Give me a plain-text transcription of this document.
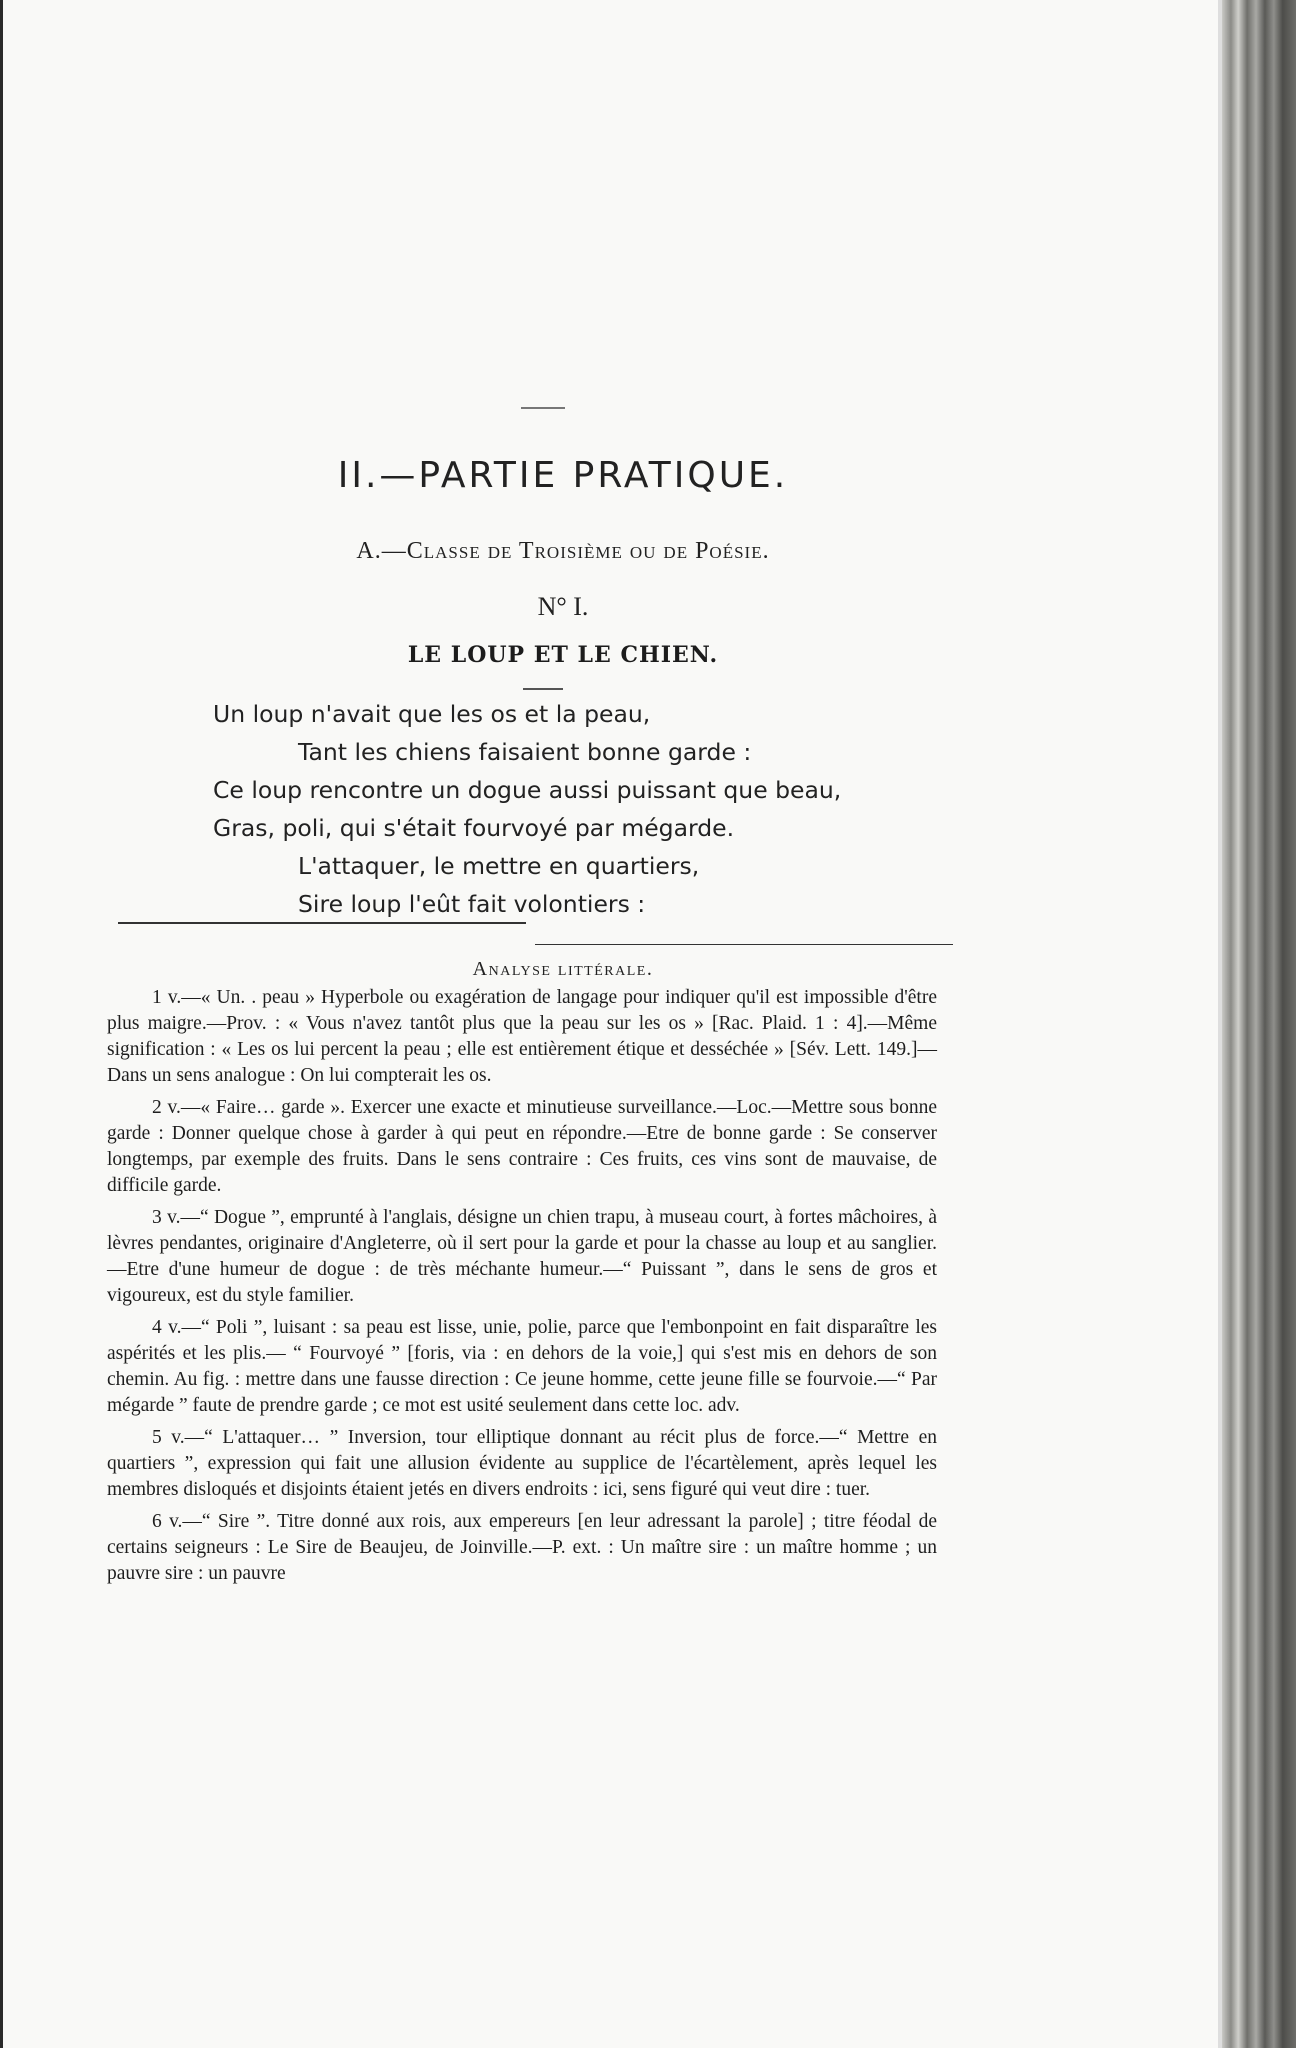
II.—PARTIE PRATIQUE.
A.—Classe de Troisième ou de Poésie.
N° I.
LE LOUP ET LE CHIEN.
Un loup n'avait que les os et la peau,
Tant les chiens faisaient bonne garde :
Ce loup rencontre un dogue aussi puissant que beau,
Gras, poli, qui s'était fourvoyé par mégarde.
L'attaquer, le mettre en quartiers,
Sire loup l'eût fait volontiers :
Analyse littérale.

1 v.—« Un. . peau » Hyperbole ou exagération de langage pour indiquer qu'il est impossible d'être plus maigre.—Prov. : « Vous n'avez tantôt plus que la peau sur les os » [Rac. Plaid. 1 : 4].—Même signification : « Les os lui percent la peau ; elle est entièrement étique et desséchée » [Sév. Lett. 149.]—Dans un sens analogue : On lui compterait les os.

2 v.—« Faire… garde ». Exercer une exacte et minutieuse surveillance.—Loc.—Mettre sous bonne garde : Donner quelque chose à garder à qui peut en répondre.—Etre de bonne garde : Se conserver longtemps, par exemple des fruits. Dans le sens contraire : Ces fruits, ces vins sont de mauvaise, de difficile garde.

3 v.—“ Dogue ”, emprunté à l'anglais, désigne un chien trapu, à museau court, à fortes mâchoires, à lèvres pendantes, originaire d'Angleterre, où il sert pour la garde et pour la chasse au loup et au sanglier.—Etre d'une humeur de dogue : de très méchante humeur.—“ Puissant ”, dans le sens de gros et vigoureux, est du style familier.

4 v.—“ Poli ”, luisant : sa peau est lisse, unie, polie, parce que l'embonpoint en fait disparaître les aspérités et les plis.— “ Fourvoyé ” [foris, via : en dehors de la voie,] qui s'est mis en dehors de son chemin. Au fig. : mettre dans une fausse direction : Ce jeune homme, cette jeune fille se fourvoie.—“ Par mégarde ” faute de prendre garde ; ce mot est usité seulement dans cette loc. adv.

5 v.—“ L'attaquer… ” Inversion, tour elliptique donnant au récit plus de force.—“ Mettre en quartiers ”, expression qui fait une allusion évidente au supplice de l'écartèlement, après lequel les membres disloqués et disjoints étaient jetés en divers endroits : ici, sens figuré qui veut dire : tuer.

6 v.—“ Sire ”. Titre donné aux rois, aux empereurs [en leur adressant la parole] ; titre féodal de certains seigneurs : Le Sire de Beaujeu, de Joinville.—P. ext. : Un maître sire : un maître homme ; un pauvre sire : un pauvre
